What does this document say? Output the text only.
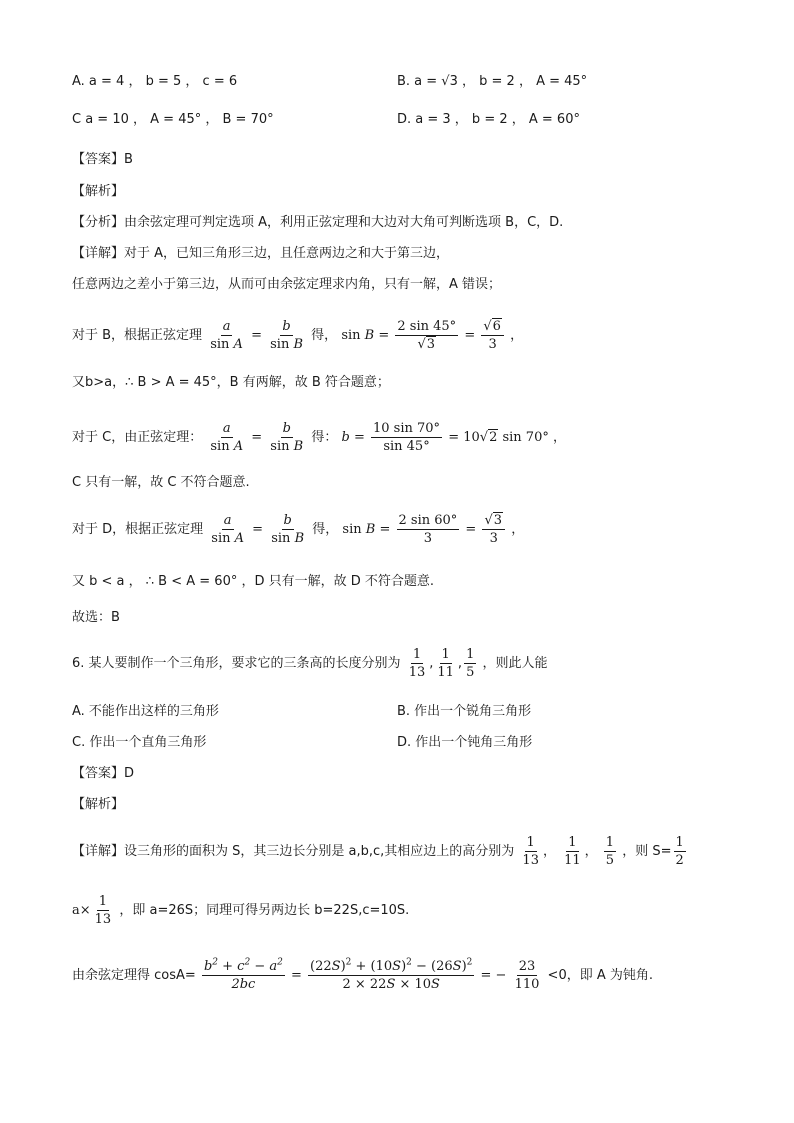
A. a = 4 ， b = 5 ， c = 6	B. a = √3 ， b = 2 ， A = 45°
C a = 10 ， A = 45° ， B = 70°	D. a = 3 ， b = 2 ， A = 60°
【答案】B
【解析】
【分析】由余弦定理可判定选项 A，利用正弦定理和大边对大角可判断选项 B，C，D.
【详解】对于 A，已知三角形三边，且任意两边之和大于第三边，
任意两边之差小于第三边，从而可由余弦定理求内角，只有一解，A 错误；
对于 B，根据正弦定理 $\frac{a}{\text{sin A}} = \frac{b}{\text{sin B}}$ 得， $\sin B = \frac{2 \sin 45^\circ}{√3} = \frac{√6}{3}$ ，
又b>a，∴ B > A = 45°，B 有两解，故 B 符合题意；
对于 C，由正弦定理： $\frac{a}{\text{sin A}} = \frac{b}{\text{sin B}}$ 得： $b = \frac{10 \sin 70^\circ}{\sin 45^\circ} = 10√2$ sin 70° ，
C 只有一解，故 C 不符合题意.
对于 D，根据正弦定理 $\frac{a}{\text{sin A}} = \frac{b}{\text{sin B}}$ 得， $\sin B = \frac{2 \sin 60^\circ}{3} = \frac{√3}{3}$ ，
又 b < a ， ∴ B < A = 60° ，D 只有一解，故 D 不符合题意.
故选：B
6. 某人要制作一个三角形，要求它的三条高的长度分别为 $\frac{1}{13}$ , $\frac{1}{11}$ , $\frac{1}{5}$ ，则此人能
A. 不能作出这样的三角形	B. 作出一个锐角三角形
C. 作出一个直角三角形	D. 作出一个钝角三角形
【答案】D
【解析】
【详解】设三角形的面积为 S，其三边长分别是 a,b,c,其相应边上的高分别为 $\frac{1}{13}$ ， $\frac{1}{11}$ ， $\frac{1}{5}$ ，则 $S= \frac{1}{2}$
$a\times \frac{1}{13}$ ，即 a=26S；同理可得另两边长 b=22S,c=10S.
由余弦定理得 $\cos A= \frac{b^2 + c^2 - a^2}{2bc} = \frac{(22S)^2 + (10S)^2 - (26S)^2}{2 \times 22S \times 10S}$ = − $\frac{23}{110} <0$，即 A 为钝角.
